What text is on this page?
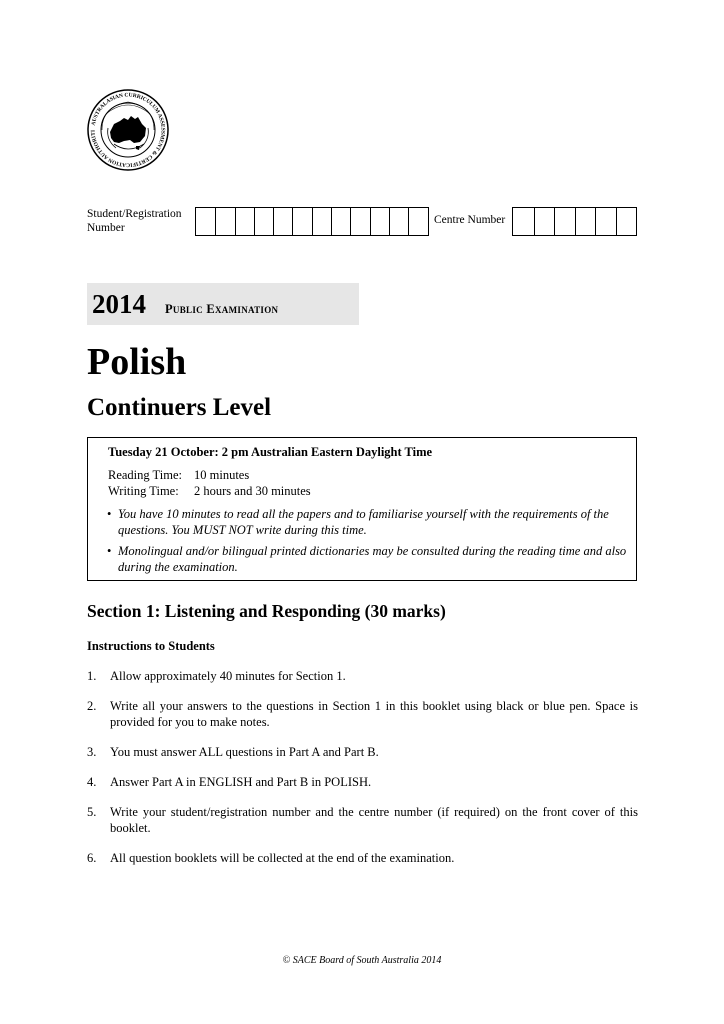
AUSTRALASIAN CURRICULUM ASSESSMENT & CERTIFICATION AUTHORITI
Student/Registration Number
Centre Number
2014 Public Examination
Polish
Continuers Level
Tuesday 21 October: 2 pm Australian Eastern Daylight Time
Reading Time: 10 minutes
Writing Time: 2 hours and 30 minutes
• You have 10 minutes to read all the papers and to familiarise yourself with the requirements of the questions. You MUST NOT write during this time.
• Monolingual and/or bilingual printed dictionaries may be consulted during the reading time and also during the examination.
Section 1: Listening and Responding (30 marks)
Instructions to Students
1. Allow approximately 40 minutes for Section 1.
2. Write all your answers to the questions in Section 1 in this booklet using black or blue pen. Space is provided for you to make notes.
3. You must answer ALL questions in Part A and Part B.
4. Answer Part A in ENGLISH and Part B in POLISH.
5. Write your student/registration number and the centre number (if required) on the front cover of this booklet.
6. All question booklets will be collected at the end of the examination.
© SACE Board of South Australia 2014
